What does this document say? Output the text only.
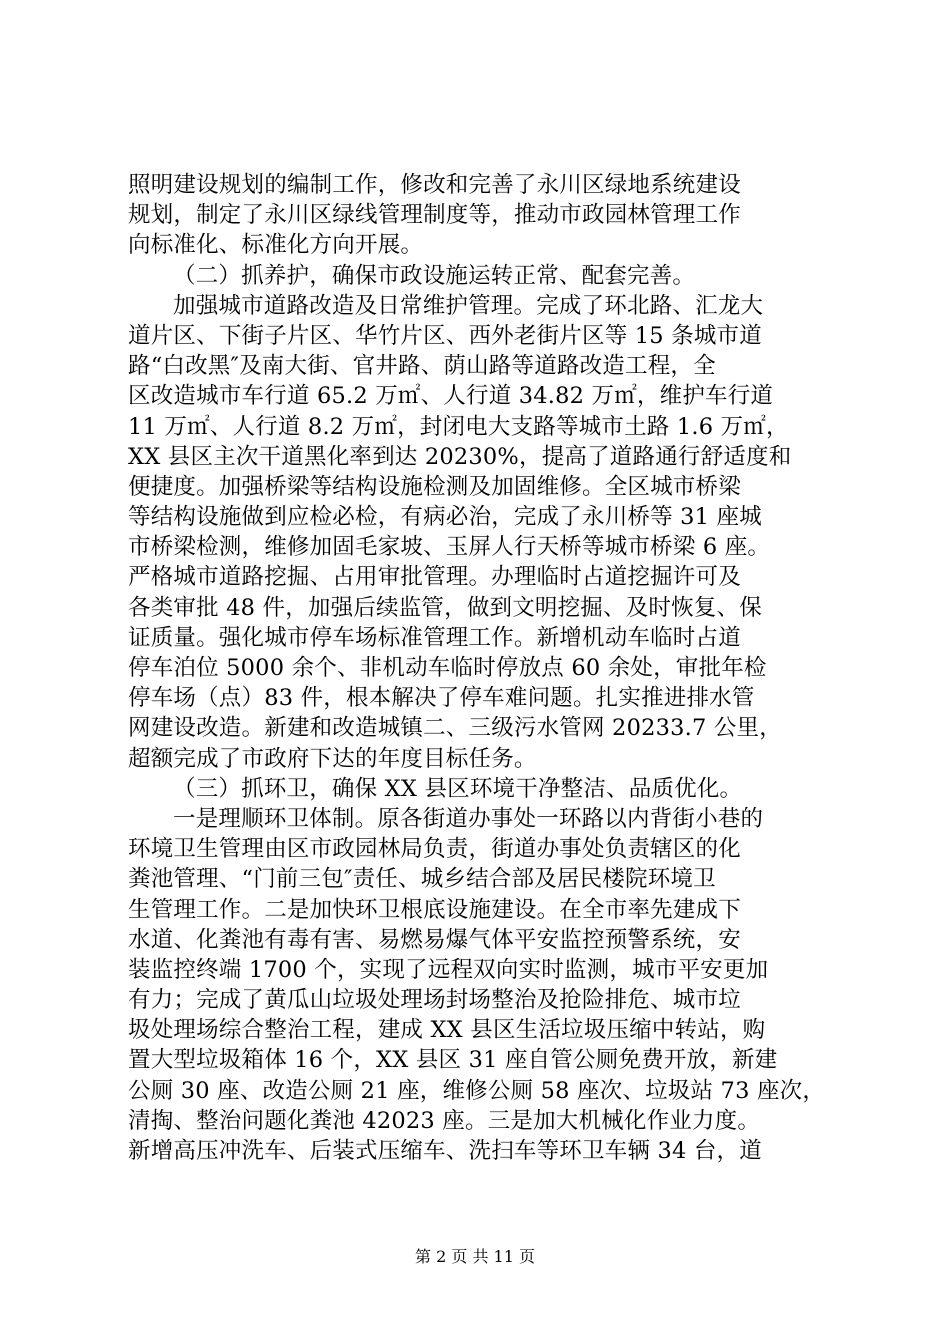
照明建设规划的编制工作，修改和完善了永川区绿地系统建设
规划，制定了永川区绿线管理制度等，推动市政园林管理工作
向标准化、标准化方向开展。
（二）抓养护，确保市政设施运转正常、配套完善。
加强城市道路改造及日常维护管理。完成了环北路、汇龙大
道片区、下街子片区、华竹片区、西外老街片区等 15 条城市道
路“白改黑″及南大街、官井路、荫山路等道路改造工程，全
区改造城市车行道 65.2 万㎡、人行道 34.82 万㎡，维护车行道
11 万㎡、人行道 8.2 万㎡，封闭电大支路等城市土路 1.6 万㎡，
XX 县区主次干道黑化率到达 20230%，提高了道路通行舒适度和
便捷度。加强桥梁等结构设施检测及加固维修。全区城市桥梁
等结构设施做到应检必检，有病必治，完成了永川桥等 31 座城
市桥梁检测，维修加固毛家坡、玉屏人行天桥等城市桥梁 6 座。
严格城市道路挖掘、占用审批管理。办理临时占道挖掘许可及
各类审批 48 件，加强后续监管，做到文明挖掘、及时恢复、保
证质量。强化城市停车场标准管理工作。新增机动车临时占道
停车泊位 5000 余个、非机动车临时停放点 60 余处，审批年检
停车场（点）83 件，根本解决了停车难问题。扎实推进排水管
网建设改造。新建和改造城镇二、三级污水管网 20233.7 公里，
超额完成了市政府下达的年度目标任务。
（三）抓环卫，确保 XX 县区环境干净整洁、品质优化。
一是理顺环卫体制。原各街道办事处一环路以内背街小巷的
环境卫生管理由区市政园林局负责，街道办事处负责辖区的化
粪池管理、“门前三包″责任、城乡结合部及居民楼院环境卫
生管理工作。二是加快环卫根底设施建设。在全市率先建成下
水道、化粪池有毒有害、易燃易爆气体平安监控预警系统，安
装监控终端 1700 个，实现了远程双向实时监测，城市平安更加
有力；完成了黄瓜山垃圾处理场封场整治及抢险排危、城市垃
圾处理场综合整治工程，建成 XX 县区生活垃圾压缩中转站，购
置大型垃圾箱体 16 个，XX 县区 31 座自管公厕免费开放，新建
公厕 30 座、改造公厕 21 座，维修公厕 58 座次、垃圾站 73 座次，
清掏、整治问题化粪池 42023 座。三是加大机械化作业力度。
新增高压冲洗车、后装式压缩车、洗扫车等环卫车辆 34 台，道
第 2 页 共 11 页
